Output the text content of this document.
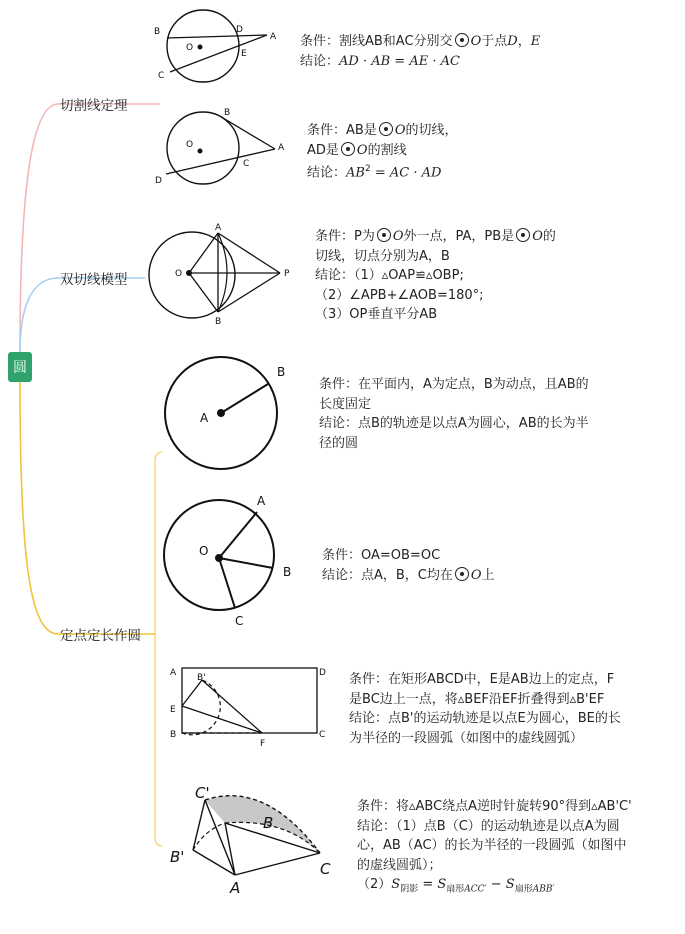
圆
切割线定理
双切线模型
定点定长作圆
B
O
D
A
E
C
条件：割线AB和AC分别交 O于点D，E
结论：AD · AB = AE · AC
B
O	A
C
D
条件：AB是 O的切线，
AD是 O的割线
结论：$AB^2$ = AC · AD
A
O	P
B
条件：P为 O外一点，PA，PB是 O的
切线，切点分别为A，B
结论：（1）▵OAP≌▵OBP;
（2）∠APB+∠AOB=180°;
（3）OP垂直平分AB
A
B
条件：在平面内，A为定点，B为动点，且AB的
长度固定
结论：点B的轨迹是以点A为圆心，AB的长为半
径的圆
O
A
B
C
条件：OA=OB=OC
结论：点A，B，C均在 O上
A	D
B'
E
B
F
C
条件：在矩形ABCD中，E是AB边上的定点，F
是BC边上一点，将▵BEF沿EF折叠得到▵B'EF
结论：点B'的运动轨迹是以点E为圆心，BE的长
为半径的一段圆弧（如图中的虚线圆弧）
C'
B
B'
C
A
条件：将▵ABC绕点A逆时针旋转90°得到▵AB'C'
结论：（1）点B（C）的运动轨迹是以点A为圆
心，AB（AC）的长为半径的一段圆弧（如图中
的虚线圆弧）；
$(2)S_{阴影} = S_{扇形ACC'} - S_{扇形ABB'}$
